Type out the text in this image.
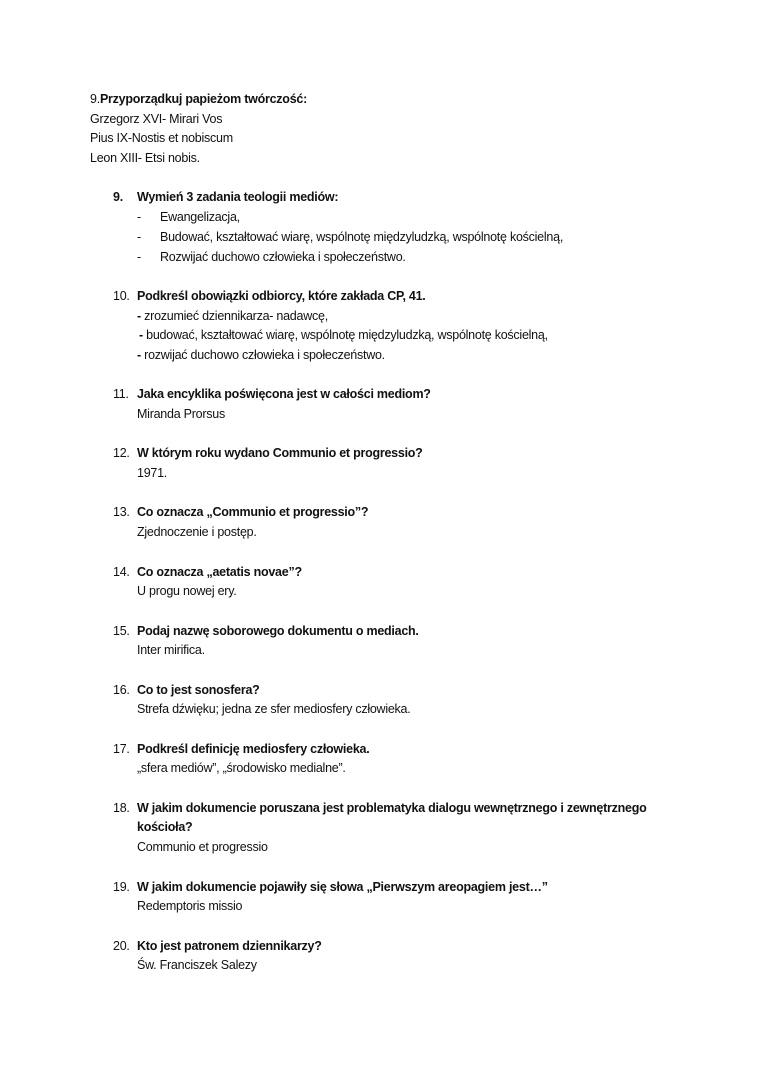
9.Przyporządkuj papieżom twórczość:
Grzegorz XVI- Mirari Vos
Pius IX-Nostis et nobiscum
Leon XIII- Etsi nobis.
9. Wymień 3 zadania teologii mediów:
- Ewangelizacja,
- Budować, kształtować wiarę, wspólnotę międzyludzką, wspólnotę kościelną,
- Rozwijać duchowo człowieka i społeczeństwo.
10. Podkreśl obowiązki odbiorcy, które zakłada CP, 41.
- zrozumieć dziennikarza- nadawcę,
- budować, kształtować wiarę, wspólnotę międzyludzką, wspólnotę kościelną,
- rozwijać duchowo człowieka i społeczeństwo.
11. Jaka encyklika poświęcona jest w całości mediom?
Miranda Prorsus
12. W którym roku wydano Communio et progressio?
1971.
13. Co oznacza „Communio et progressio”?
Zjednoczenie i postęp.
14. Co oznacza „aetatis novae”?
U progu nowej ery.
15. Podaj nazwę soborowego dokumentu o mediach.
Inter mirifica.
16. Co to jest sonosfera?
Strefa dźwięku; jedna ze sfer mediosfery człowieka.
17. Podkreśl definicję mediosfery człowieka.
„sfera mediów”, „środowisko medialne”.
18. W jakim dokumencie poruszana jest problematyka dialogu wewnętrznego i zewnętrznego
kościoła?
Communio et progressio
19. W jakim dokumencie pojawiły się słowa „Pierwszym areopagiem jest…”
Redemptoris missio
20. Kto jest patronem dziennikarzy?
Św. Franciszek Salezy
